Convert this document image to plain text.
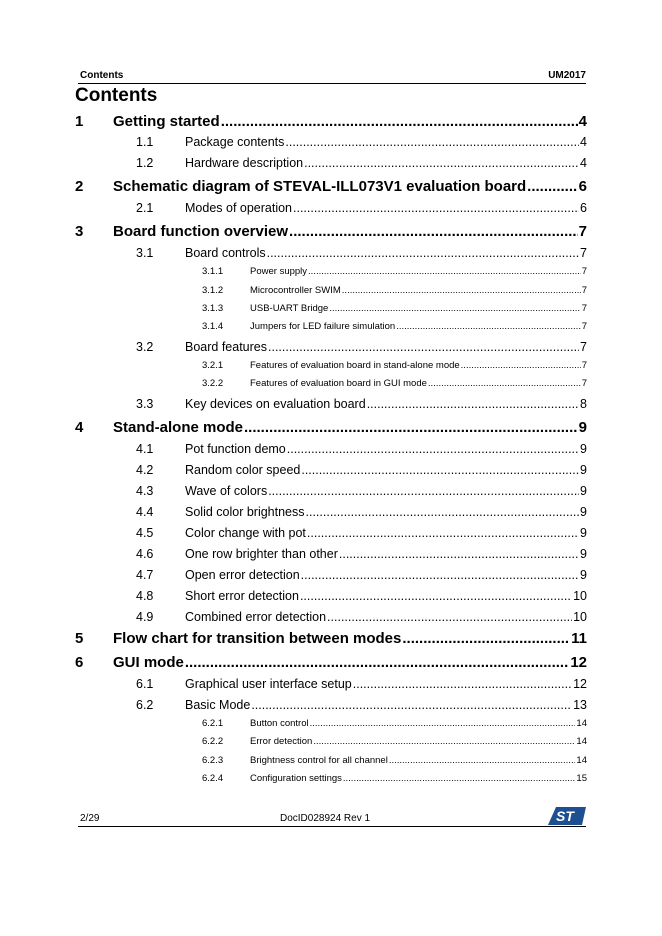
Contents	UM2017
Contents
1 Getting started .....	4
1.1	Package contents .....	4
1.2	Hardware description .....	4
2 Schematic diagram of STEVAL-ILL073V1 evaluation board .....	6
2.1	Modes of operation .....	6
3 Board function overview .....	7
3.1	Board controls .....	7
3.1.1	Power supply .....	7
3.1.2	Microcontroller SWIM .....	7
3.1.3	USB-UART Bridge .....	7
3.1.4	Jumpers for LED failure simulation .....	7
3.2	Board features .....	7
3.2.1	Features of evaluation board in stand-alone mode .....	7
3.2.2	Features of evaluation board in GUI mode .....	7
3.3	Key devices on evaluation board .....	8
4 Stand-alone mode .....	9
4.1	Pot function demo .....	9
4.2	Random color speed .....	9
4.3	Wave of colors .....	9
4.4	Solid color brightness .....	9
4.5	Color change with pot .....	9
4.6	One row brighter than other .....	9
4.7	Open error detection .....	9
4.8	Short error detection .....	10
4.9	Combined error detection .....	10
5 Flow chart for transition between modes .....	11
6 GUI mode .....	12
6.1	Graphical user interface setup .....	12
6.2	Basic Mode .....	13
6.2.1	Button control .....	14
6.2.2	Error detection .....	14
6.2.3	Brightness control for all channel .....	14
6.2.4	Configuration settings .....	15
2/29	DocID028924 Rev 1	ST
